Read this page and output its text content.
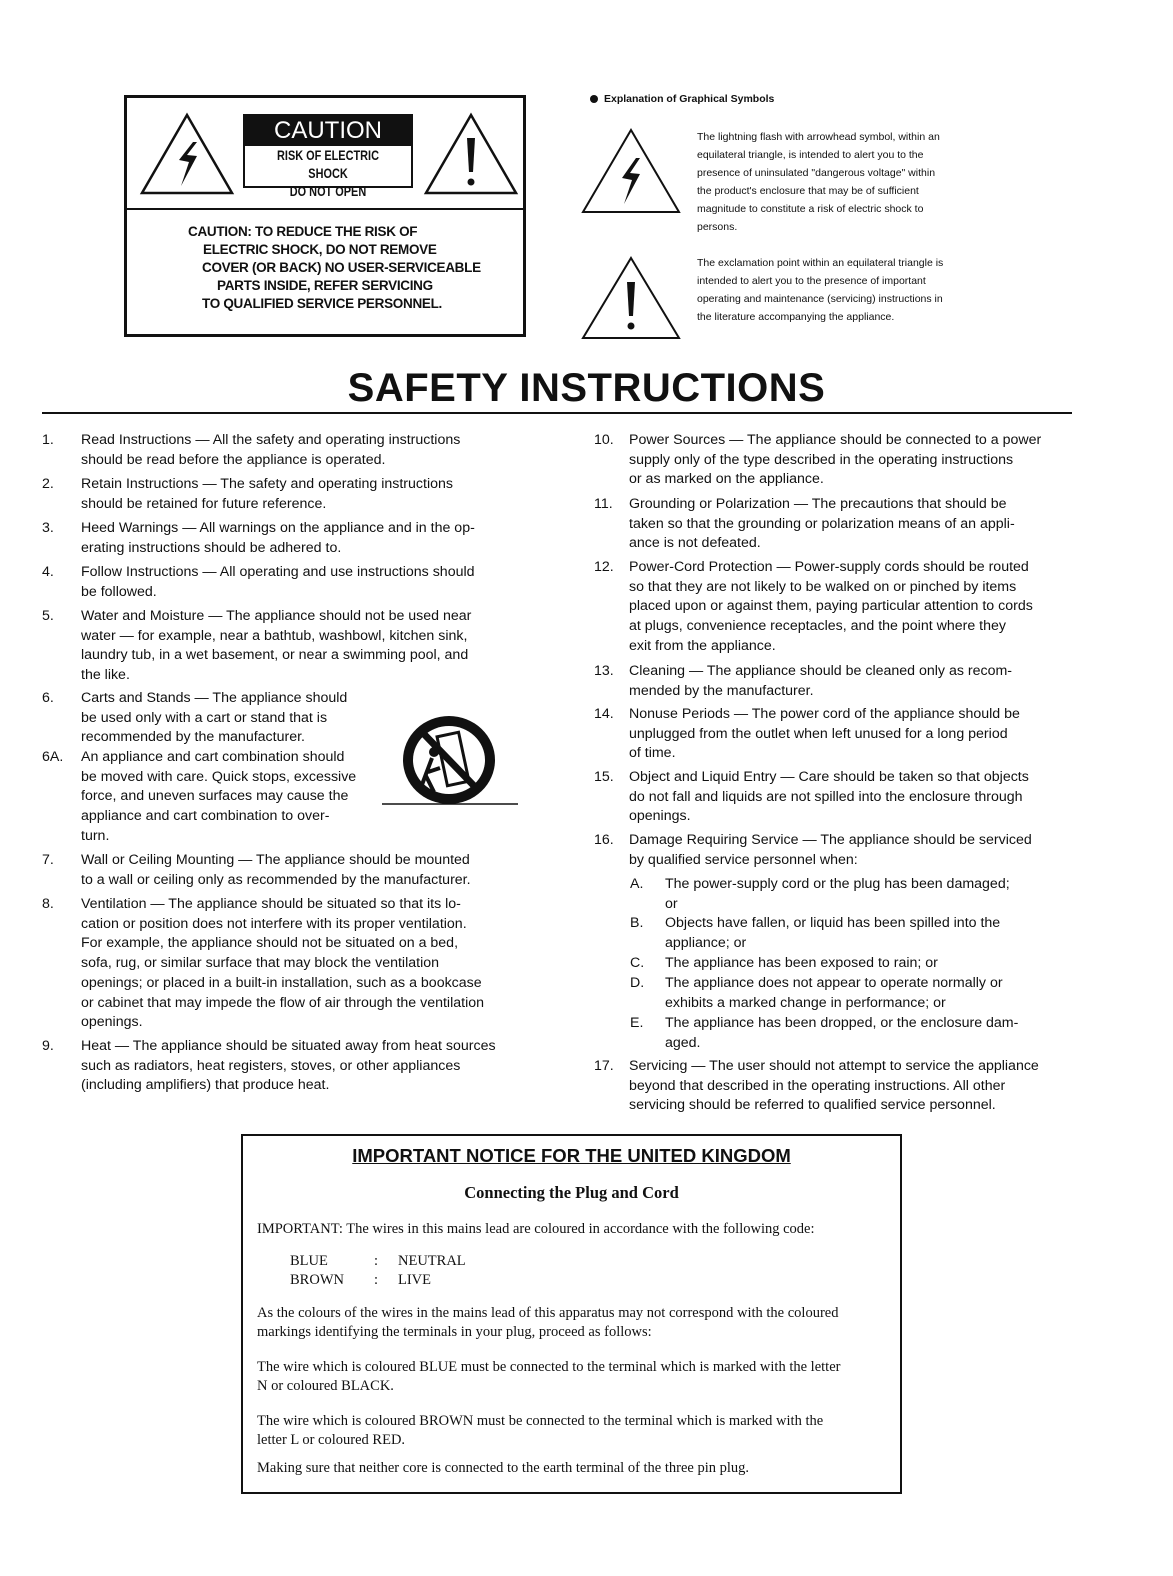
CAUTION
RISK OF ELECTRIC SHOCK
DO NOT OPEN
CAUTION: TO REDUCE THE RISK OF
ELECTRIC SHOCK, DO NOT REMOVE
COVER (OR BACK) NO USER-SERVICEABLE
PARTS INSIDE, REFER SERVICING
TO QUALIFIED SERVICE PERSONNEL.
Explanation of Graphical Symbols
The lightning flash with arrowhead symbol, within an
equilateral triangle, is intended to alert you to the
presence of uninsulated "dangerous voltage" within
the product's enclosure that may be of sufficient
magnitude to constitute a risk of electric shock to
persons.
The exclamation point within an equilateral triangle is
intended to alert you to the presence of important
operating and maintenance (servicing) instructions in
the literature accompanying the appliance.
SAFETY INSTRUCTIONS
1. Read Instructions — All the safety and operating instructions
should be read before the appliance is operated.
2. Retain Instructions — The safety and operating instructions
should be retained for future reference.
3. Heed Warnings — All warnings on the appliance and in the op-
erating instructions should be adhered to.
4. Follow Instructions — All operating and use instructions should
be followed.
5. Water and Moisture — The appliance should not be used near
water — for example, near a bathtub, washbowl, kitchen sink,
laundry tub, in a wet basement, or near a swimming pool, and
the like.
6. Carts and Stands — The appliance should
be used only with a cart or stand that is
recommended by the manufacturer.
6A. An appliance and cart combination should
be moved with care. Quick stops, excessive
force, and uneven surfaces may cause the
appliance and cart combination to over-
turn.
7. Wall or Ceiling Mounting — The appliance should be mounted
to a wall or ceiling only as recommended by the manufacturer.
8. Ventilation — The appliance should be situated so that its lo-
cation or position does not interfere with its proper ventilation.
For example, the appliance should not be situated on a bed,
sofa, rug, or similar surface that may block the ventilation
openings; or placed in a built-in installation, such as a bookcase
or cabinet that may impede the flow of air through the ventilation
openings.
9. Heat — The appliance should be situated away from heat sources
such as radiators, heat registers, stoves, or other appliances
(including amplifiers) that produce heat.
10. Power Sources — The appliance should be connected to a power
supply only of the type described in the operating instructions
or as marked on the appliance.
11. Grounding or Polarization — The precautions that should be
taken so that the grounding or polarization means of an appli-
ance is not defeated.
12. Power-Cord Protection — Power-supply cords should be routed
so that they are not likely to be walked on or pinched by items
placed upon or against them, paying particular attention to cords
at plugs, convenience receptacles, and the point where they
exit from the appliance.
13. Cleaning — The appliance should be cleaned only as recom-
mended by the manufacturer.
14. Nonuse Periods — The power cord of the appliance should be
unplugged from the outlet when left unused for a long period
of time.
15. Object and Liquid Entry — Care should be taken so that objects
do not fall and liquids are not spilled into the enclosure through
openings.
16. Damage Requiring Service — The appliance should be serviced
by qualified service personnel when:
A. The power-supply cord or the plug has been damaged;
or
B. Objects have fallen, or liquid has been spilled into the
appliance; or
C. The appliance has been exposed to rain; or
D. The appliance does not appear to operate normally or
exhibits a marked change in performance; or
E. The appliance has been dropped, or the enclosure dam-
aged.
17. Servicing — The user should not attempt to service the appliance
beyond that described in the operating instructions. All other
servicing should be referred to qualified service personnel.
IMPORTANT NOTICE FOR THE UNITED KINGDOM
Connecting the Plug and Cord
IMPORTANT: The wires in this mains lead are coloured in accordance with the following code:
BLUE	: NEUTRAL
BROWN : LIVE
As the colours of the wires in the mains lead of this apparatus may not correspond with the coloured
markings identifying the terminals in your plug, proceed as follows:
The wire which is coloured BLUE must be connected to the terminal which is marked with the letter
N or coloured BLACK.
The wire which is coloured BROWN must be connected to the terminal which is marked with the
letter L or coloured RED.
Making sure that neither core is connected to the earth terminal of the three pin plug.
